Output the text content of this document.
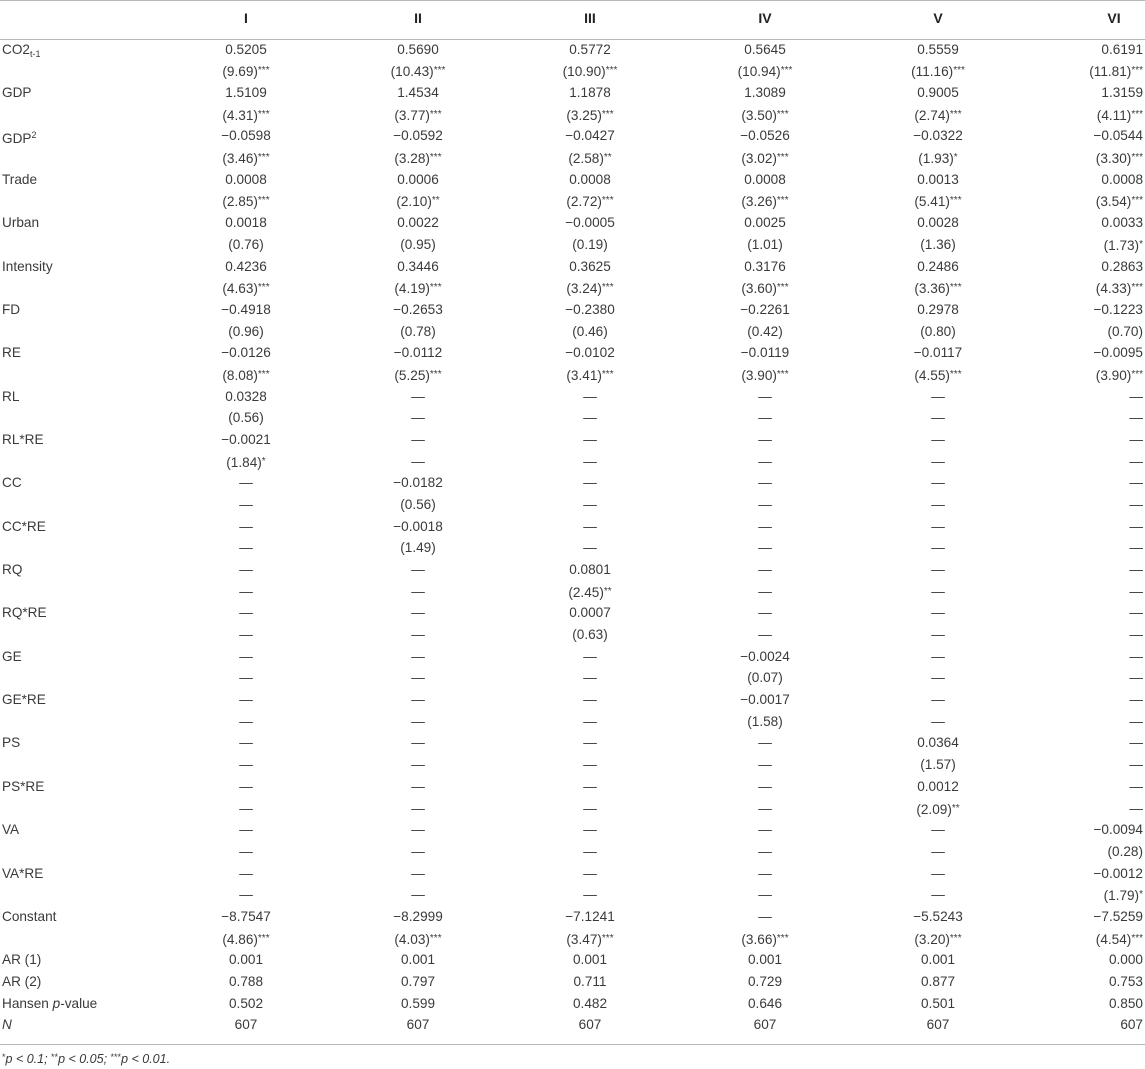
I	II	III	IV	V	VI
$CO2_{t-1}$	0.5205	0.5690	0.5772	0.5645	0.5559	0.6191
(9.69)***	(10.43)***	(10.90)***	(10.94)***	(11.16)***	(11.81)***
GDP	1.5109	1.4534	1.1878	1.3089	0.9005	1.3159
(4.31)***	(3.77)***	(3.25)***	(3.50)***	(2.74)***	(4.11)***
$GDP^2$	−0.0598	−0.0592	−0.0427	−0.0526	−0.0322	−0.0544
(3.46)***	(3.28)***	(2.58)**	(3.02)***	(1.93)*	(3.30)***
Trade	0.0008	0.0006	0.0008	0.0008	0.0013	0.0008
(2.85)***	(2.10)**	(2.72)***	(3.26)***	(5.41)***	(3.54)***
Urban	0.0018	0.0022	−0.0005	0.0025	0.0028	0.0033
(0.76)	(0.95)	(0.19)	(1.01)	(1.36)	(1.73)*
Intensity	0.4236	0.3446	0.3625	0.3176	0.2486	0.2863
(4.63)***	(4.19)***	(3.24)***	(3.60)***	(3.36)***	(4.33)***
FD	−0.4918	−0.2653	−0.2380	−0.2261	0.2978	−0.1223
(0.96)	(0.78)	(0.46)	(0.42)	(0.80)	(0.70)
RE	−0.0126	−0.0112	−0.0102	−0.0119	−0.0117	−0.0095
(8.08)***	(5.25)***	(3.41)***	(3.90)***	(4.55)***	(3.90)***
RL	0.0328	—	—	—	—	—
(0.56)	—	—	—	—	—
RL*RE	−0.0021	—	—	—	—	—
(1.84)*	—	—	—	—	—
CC	—	−0.0182	—	—	—	—
—	(0.56)	—	—	—	—
CC*RE	—	−0.0018	—	—	—	—
—	(1.49)	—	—	—	—
RQ	—	—	0.0801	—	—	—
—	—	(2.45)**	—	—	—
RQ*RE	—	—	0.0007	—	—	—
—	—	(0.63)	—	—	—
GE	—	—	—	−0.0024	—	—
—	—	—	(0.07)	—	—
GE*RE	—	—	—	−0.0017	—	—
—	—	—	(1.58)	—	—
PS	—	—	—	—	0.0364	—
—	—	—	—	(1.57)	—
PS*RE	—	—	—	—	0.0012	—
—	—	—	—	(2.09)**	—
VA	—	—	—	—	—	−0.0094
—	—	—	—	—	(0.28)
VA*RE	—	—	—	—	—	−0.0012
—	—	—	—	—	(1.79)*
Constant	−8.7547	−8.2999	−7.1241	—	−5.5243	−7.5259
(4.86)***	(4.03)***	(3.47)***	(3.66)***	(3.20)***	(4.54)***
AR (1)	0.001	0.001	0.001	0.001	0.001	0.000
AR (2)	0.788	0.797	0.711	0.729	0.877	0.753
Hansen p-value	0.502	0.599	0.482	0.646	0.501	0.850
N	607	607	607	607	607	607
*p < 0.1; **p < 0.05; ***p < 0.01.
